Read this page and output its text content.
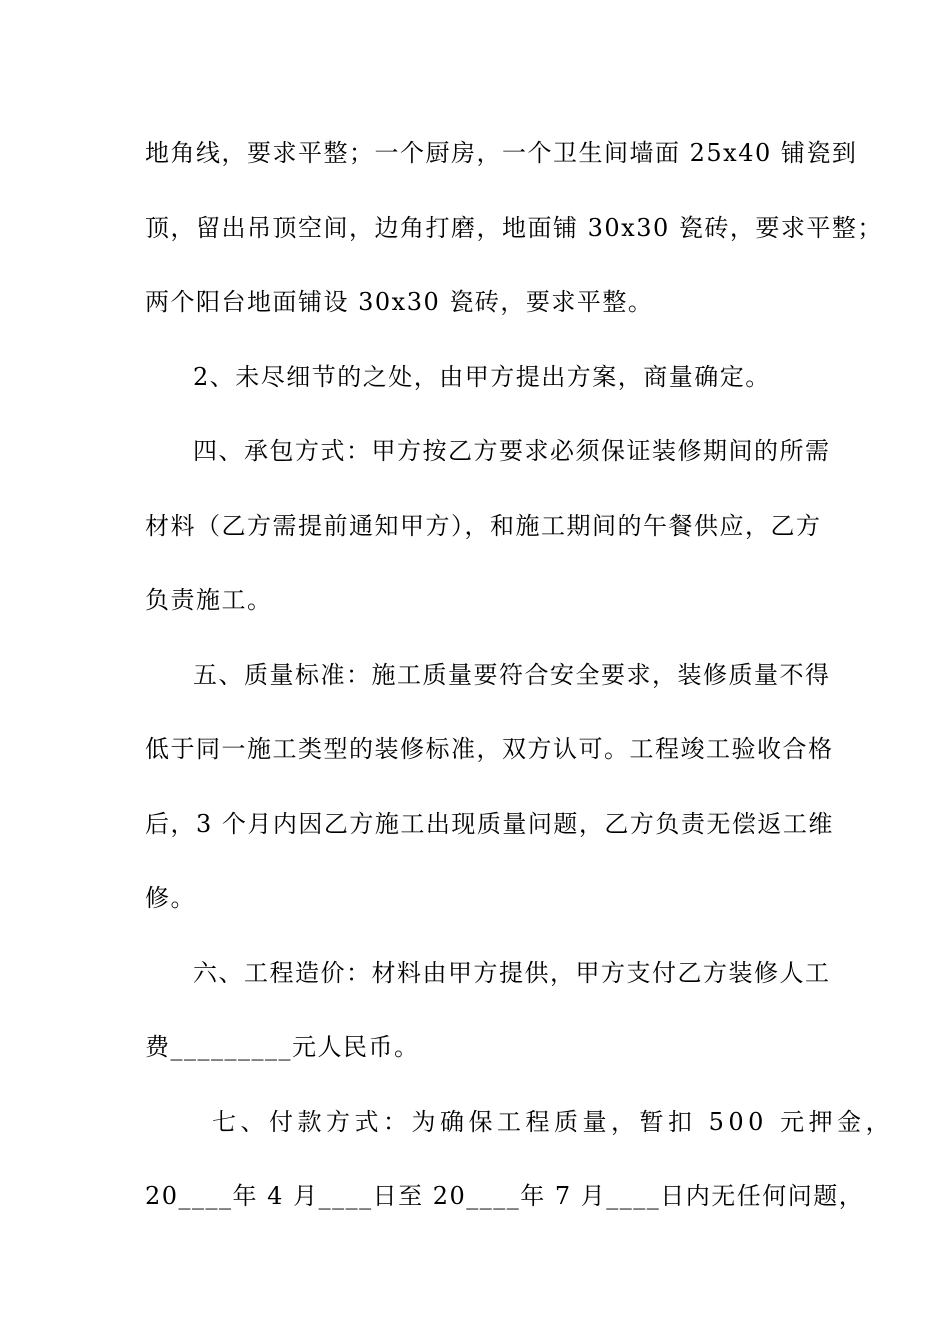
地角线，要求平整；一个厨房，一个卫生间墙面 25x40 铺瓷到
顶，留出吊顶空间，边角打磨，地面铺 30x30 瓷砖，要求平整；
两个阳台地面铺设 30x30 瓷砖，要求平整。
2、未尽细节的之处，由甲方提出方案，商量确定。
四、承包方式：甲方按乙方要求必须保证装修期间的所需
材料（乙方需提前通知甲方），和施工期间的午餐供应，乙方
负责施工。
五、质量标准：施工质量要符合安全要求，装修质量不得
低于同一施工类型的装修标准，双方认可。工程竣工验收合格
后，3 个月内因乙方施工出现质量问题，乙方负责无偿返工维
修。
六、工程造价：材料由甲方提供，甲方支付乙方装修人工
费_________元人民币。
七、付款方式：为确保工程质量，暂扣 500 元押金，
20____年 4 月____日至 20____年 7 月____日内无任何问题，
